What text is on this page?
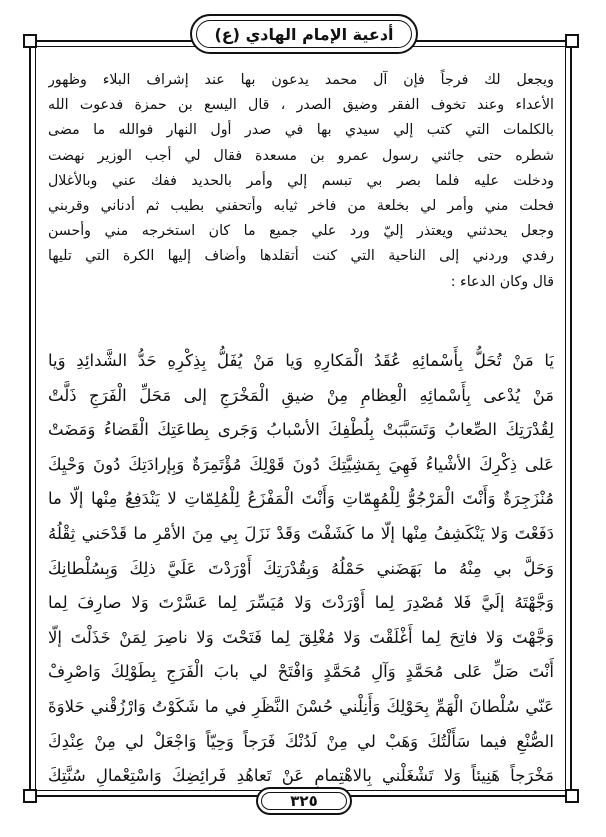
أدعية الإمام الهادي (ع)

ويجعل لك فرجاً فإن آل محمد يدعون بها عند إشراف البلاء وظهور
الأعداء وعند تخوف الفقر وضيق الصدر ، قال اليسع بن حمزة فدعوت الله
بالكلمات التي كتب إلي سيدي بها في صدر أول النهار فوالله ما مضى
شطره حتى جائني رسول عمرو بن مسعدة فقال لي أجب الوزير نهضت
ودخلت عليه فلما بصر بي تبسم إلي وأمر بالحديد ففك عني وبالأغلال
فحلت مني وأمر لي بخلعة من فاخر ثيابه وأتحفني بطيب ثم أدناني وقربني
وجعل يحدثني ويعتذر إليّ ورد علي جميع ما كان استخرجه مني وأحسن
رفدي وردني إلى الناحية التي كنت أتقلدها وأضاف إليها الكرة التي تليها
قال وكان الدعاء :

يَا مَنْ تُحَلُّ بِأَسْمائِهِ عُقَدُ الْمَكارِهِ وَيا مَنْ يُفَلُّ بِذِكْرِهِ حَدُّ الشَّدائِدِ وَيا
مَنْ يُدْعى بِأَسْمائِهِ الْعِظامِ مِنْ ضيقِ الْمَخْرَجِ إلى مَحَلِّ الْفَرَجِ ذَلَّتْ
لِقُدْرَتِكَ الصِّعابُ وَتَسَبَّبَتْ بِلُطْفِكَ الأسْبابُ وَجَرى بِطاعَتِكَ الْقَضاءُ وَمَضَتْ
عَلى ذِكْرِكَ الأشْياءُ فَهِيَ بِمَشِيَّتِكَ دُونَ قَوْلِكَ مُؤْتَمِرَةٌ وَبِإرادَتِكَ دُونَ وَحْيِكَ
مُنْزَجِرَةٌ وَأَنْتَ الْمَرْجُوُّ لِلْمُهِمّاتِ وَأَنْتَ الْمَفْزَعُ لِلْمُلِمّاتِ لا يَنْدَفِعُ مِنْها إلّا ما
دَفَعْتَ وَلا يَنْكَشِفُ مِنْها إلّا ما كَشَفْتَ وَقَدْ نَزَلَ بِي مِنَ الأمْرِ ما قَدْحَني ثِقْلُهُ
وَحَلَّ بي مِنْهُ ما بَهَضَني حَمْلُهُ وَبِقُدْرَتِكَ أَوْرَدْتَ عَلَيَّ ذلِكَ وَبِسُلْطانِكَ
وَجَّهْتَهُ إلَيَّ فَلا مُصْدِرَ لِما أَوْرَدْتَ وَلا مُيَسِّرَ لِما عَسَّرْتَ وَلا صارِفَ لِما
وَجَّهْتَ وَلا فاتِحَ لِما أَغْلَقْتَ وَلا مُغْلِقَ لِما فَتَحْتَ وَلا ناصِرَ لِمَنْ خَذَلْتَ إلّا
أَنْتَ صَلِّ عَلى مُحَمَّدٍ وَآلِ مُحَمَّدٍ وَافْتَحْ لي بابَ الْفَرَجِ بِطَوْلِكَ وَاصْرِفْ
عَنّي سُلْطانَ الْهَمِّ بِحَوْلِكَ وَأَنِلْني حُسْنَ النَّظَرِ في ما شَكَوْتُ وَارْزُقْني حَلاوَةَ
الصُّنْعِ فيما سَأَلْتُكَ وَهَبْ لي مِنْ لَدُنْكَ فَرَجاً وَحِيّاً وَاجْعَلْ لي مِنْ عِنْدِكَ
مَخْرَجاً هَنِيئاً وَلا تَشْغَلْني بِالاهْتِمامِ عَنْ تَعاهُدِ فَرائِضِكَ وَاسْتِعْمالِ سُنَّتِكَ
٣٢٥
